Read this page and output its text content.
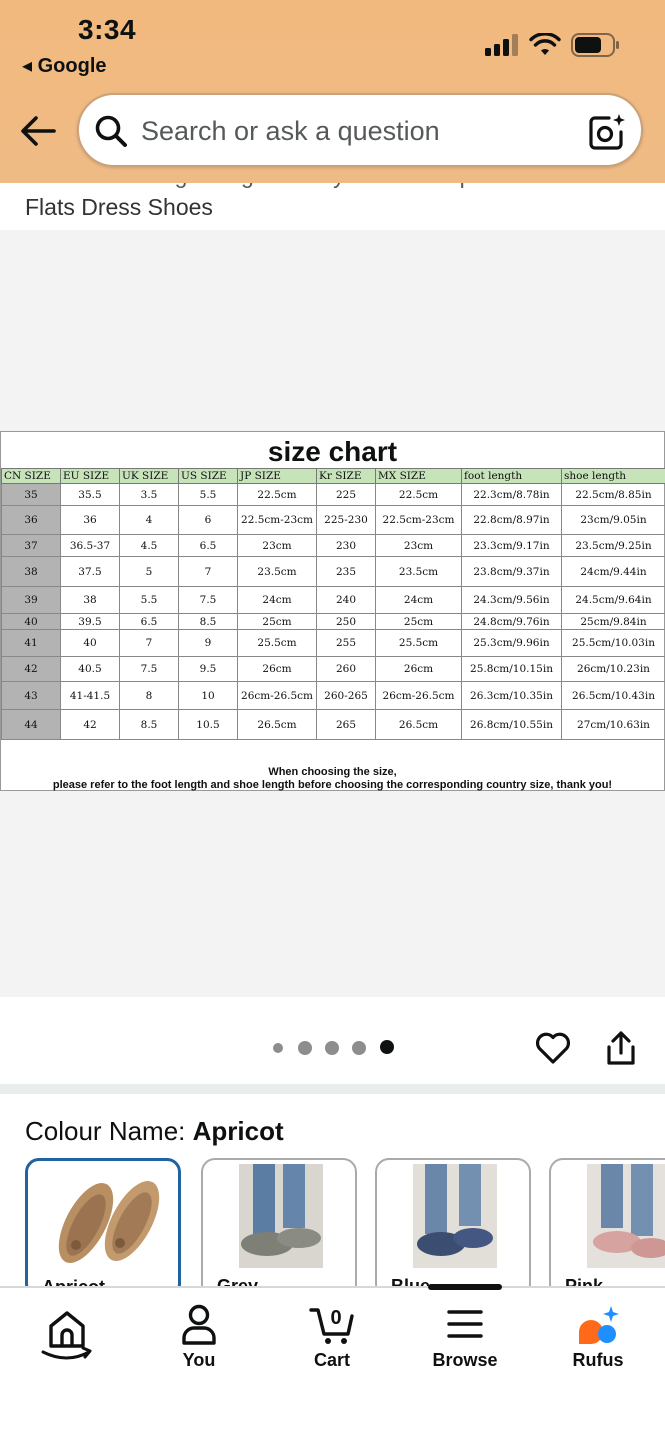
3:34
◂ Google
Search or ask a question
Flats Dress Shoes
size chart
CN SIZE	EU SIZE	UK SIZE	US SIZE	JP SIZE	Kr SIZE	MX SIZE	foot length	shoe length
35	35.5	3.5	5.5	22.5cm	225	22.5cm	22.3cm/8.78in	22.5cm/8.85in
36	36	4	6	22.5cm-23cm	225-230	22.5cm-23cm	22.8cm/8.97in	23cm/9.05in
37	36.5-37	4.5	6.5	23cm	230	23cm	23.3cm/9.17in	23.5cm/9.25in
38	37.5	5	7	23.5cm	235	23.5cm	23.8cm/9.37in	24cm/9.44in
39	38	5.5	7.5	24cm	240	24cm	24.3cm/9.56in	24.5cm/9.64in
40	39.5	6.5	8.5	25cm	250	25cm	24.8cm/9.76in	25cm/9.84in
41	40	7	9	25.5cm	255	25.5cm	25.3cm/9.96in	25.5cm/10.03in
42	40.5	7.5	9.5	26cm	260	26cm	25.8cm/10.15in	26cm/10.23in
43	41-41.5	8	10	26cm-26.5cm	260-265	26cm-26.5cm	26.3cm/10.35in	26.5cm/10.43in
44	42	8.5	10.5	26.5cm	265	26.5cm	26.8cm/10.55in	27cm/10.63in
When choosing the size,
please refer to the foot length and shoe length before choosing the corresponding country size, thank you!
Colour Name: Apricot
You
0
Cart	Browse	Rufus
